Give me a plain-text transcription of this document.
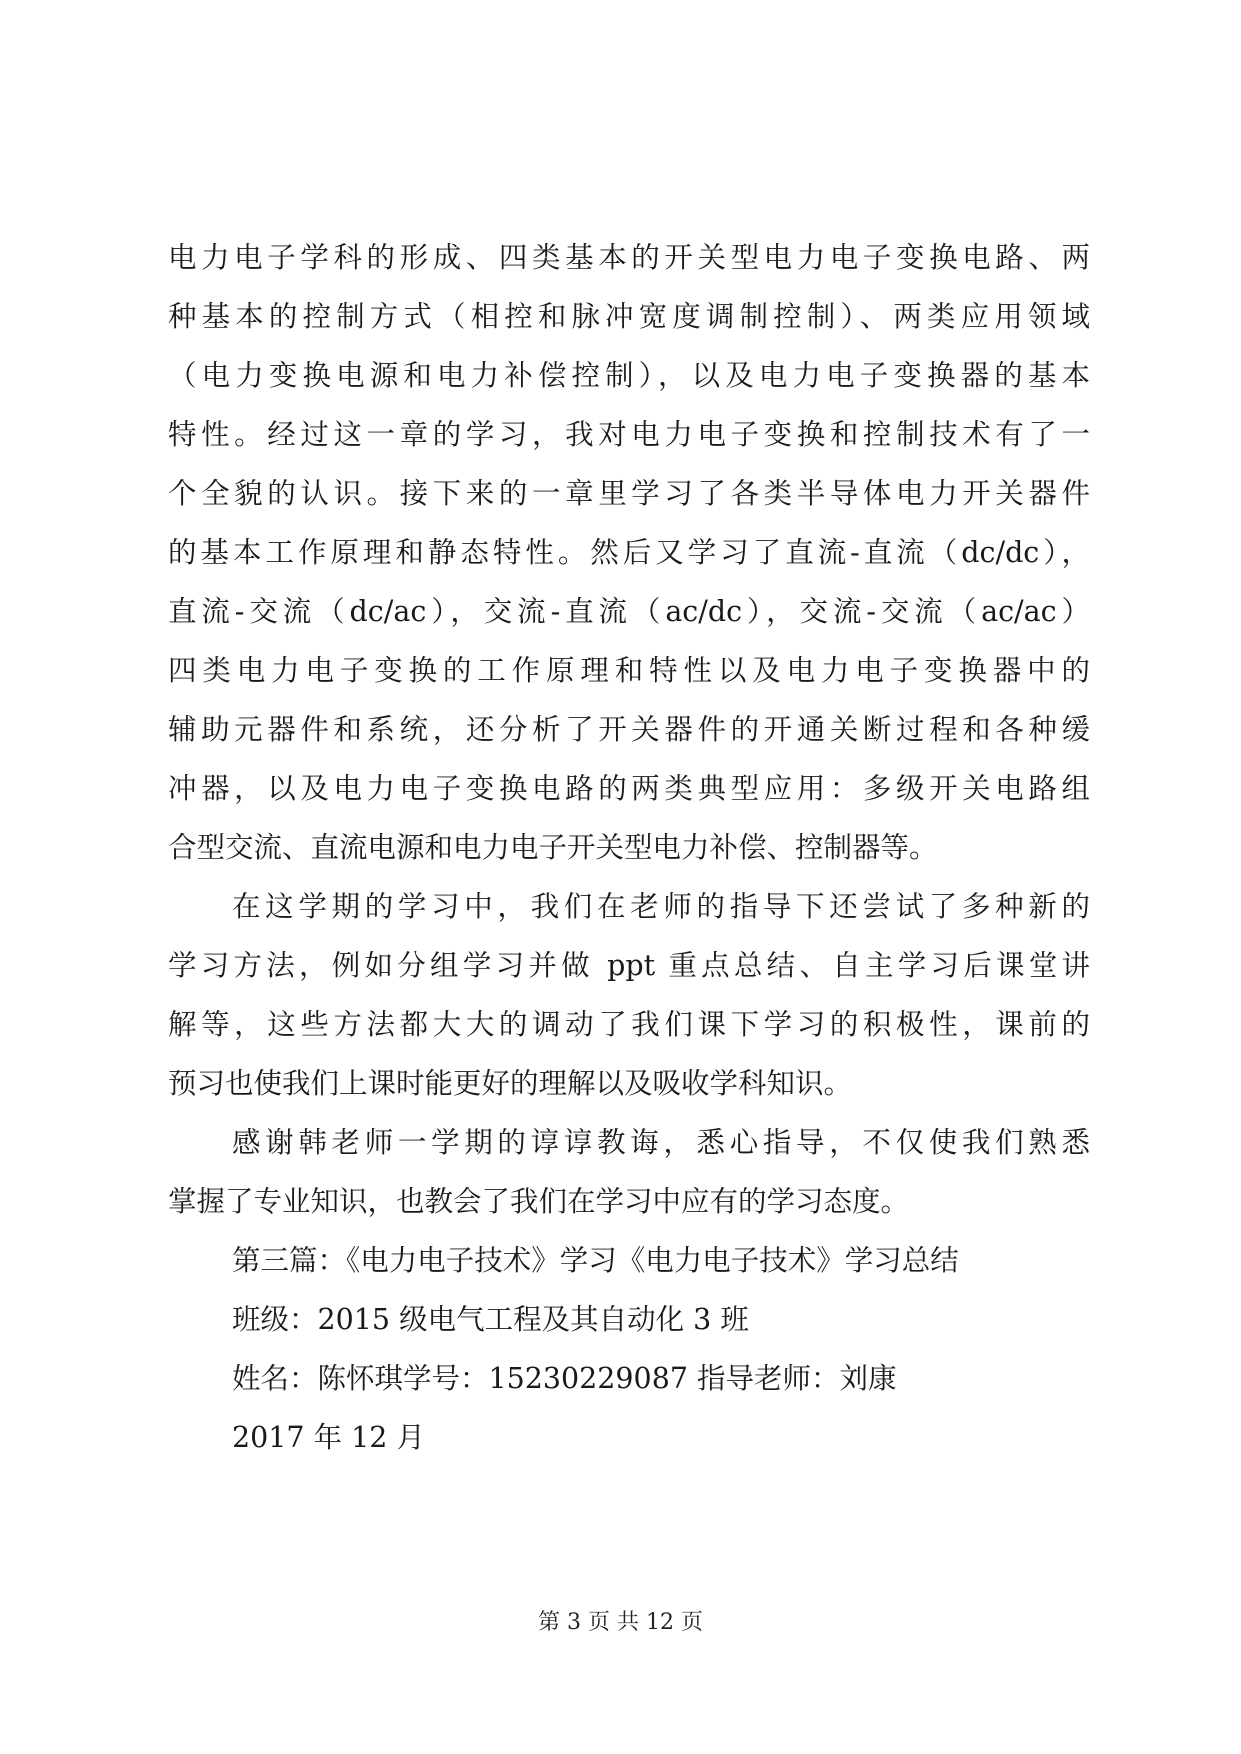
电力电子学科的形成、四类基本的开关型电力电子变换电路、两
种基本的控制方式（相控和脉冲宽度调制控制）、两类应用领域
（电力变换电源和电力补偿控制），以及电力电子变换器的基本
特性。经过这一章的学习，我对电力电子变换和控制技术有了一
个全貌的认识。接下来的一章里学习了各类半导体电力开关器件
的基本工作原理和静态特性。然后又学习了直流-直流（dc/dc），
直流-交流（dc/ac），交流-直流（ac/dc），交流-交流（ac/ac）
四类电力电子变换的工作原理和特性以及电力电子变换器中的
辅助元器件和系统，还分析了开关器件的开通关断过程和各种缓
冲器，以及电力电子变换电路的两类典型应用：多级开关电路组
合型交流、直流电源和电力电子开关型电力补偿、控制器等。
在这学期的学习中，我们在老师的指导下还尝试了多种新的
学习方法，例如分组学习并做 ppt 重点总结、自主学习后课堂讲
解等，这些方法都大大的调动了我们课下学习的积极性，课前的
预习也使我们上课时能更好的理解以及吸收学科知识。
感谢韩老师一学期的谆谆教诲，悉心指导，不仅使我们熟悉
掌握了专业知识，也教会了我们在学习中应有的学习态度。
第三篇：《电力电子技术》学习《电力电子技术》学习总结
班级：2015 级电气工程及其自动化 3 班
姓名：陈怀琪学号：15230229087 指导老师：刘康
2017 年 12 月
第 3 页 共 12 页
